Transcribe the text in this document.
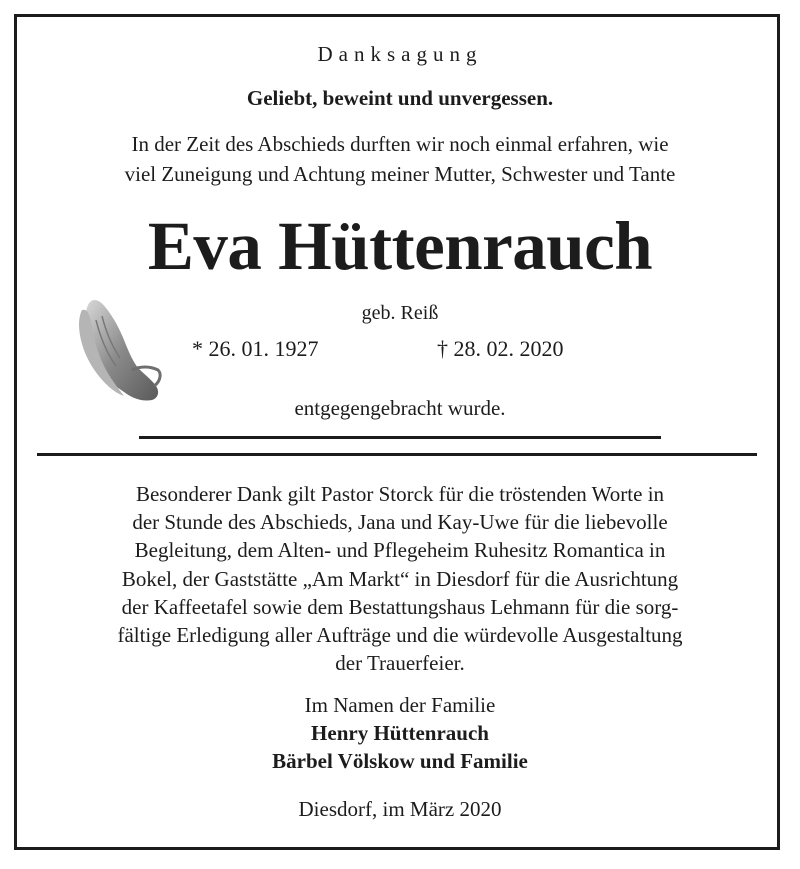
Danksagung
Geliebt, beweint und unvergessen.
In der Zeit des Abschieds durften wir noch einmal erfahren, wie
viel Zuneigung und Achtung meiner Mutter, Schwester und Tante
Eva Hüttenrauch
geb. Reiß
* 26. 01. 1927	† 28. 02. 2020
entgegengebracht wurde.
Besonderer Dank gilt Pastor Storck für die tröstenden Worte in
der Stunde des Abschieds, Jana und Kay-Uwe für die liebevolle
Begleitung, dem Alten- und Pflegeheim Ruhesitz Romantica in
Bokel, der Gaststätte „Am Markt“ in Diesdorf für die Ausrichtung
der Kaffeetafel sowie dem Bestattungshaus Lehmann für die sorg-
fältige Erledigung aller Aufträge und die würdevolle Ausgestaltung
der Trauerfeier.
Im Namen der Familie
Henry Hüttenrauch
Bärbel Völskow und Familie
Diesdorf, im März 2020
